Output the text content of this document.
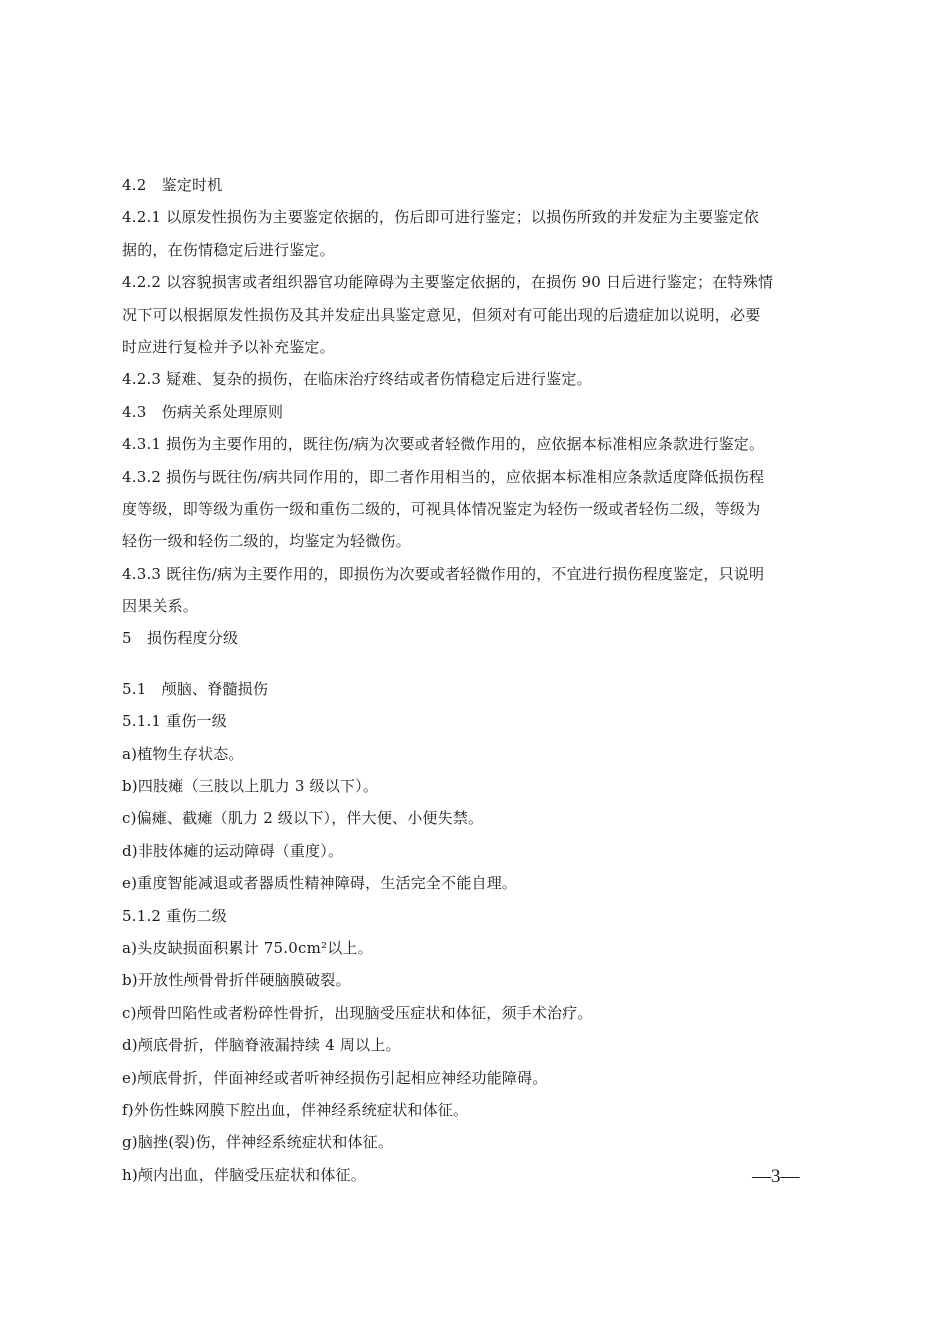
4.2　鉴定时机
4.2.1 以原发性损伤为主要鉴定依据的，伤后即可进行鉴定；以损伤所致的并发症为主要鉴定依
据的，在伤情稳定后进行鉴定。
4.2.2 以容貌损害或者组织器官功能障碍为主要鉴定依据的，在损伤 90 日后进行鉴定；在特殊情
况下可以根据原发性损伤及其并发症出具鉴定意见，但须对有可能出现的后遗症加以说明，必要
时应进行复检并予以补充鉴定。
4.2.3 疑难、复杂的损伤，在临床治疗终结或者伤情稳定后进行鉴定。
4.3　伤病关系处理原则
4.3.1 损伤为主要作用的，既往伤/病为次要或者轻微作用的，应依据本标准相应条款进行鉴定。
4.3.2 损伤与既往伤/病共同作用的，即二者作用相当的，应依据本标准相应条款适度降低损伤程
度等级，即等级为重伤一级和重伤二级的，可视具体情况鉴定为轻伤一级或者轻伤二级，等级为
轻伤一级和轻伤二级的，均鉴定为轻微伤。
4.3.3 既往伤/病为主要作用的，即损伤为次要或者轻微作用的，不宜进行损伤程度鉴定，只说明
因果关系。
5　损伤程度分级
5.1　颅脑、脊髓损伤
5.1.1 重伤一级
a)植物生存状态。
b)四肢瘫（三肢以上肌力 3 级以下）。
c)偏瘫、截瘫（肌力 2 级以下），伴大便、小便失禁。
d)非肢体瘫的运动障碍（重度）。
e)重度智能减退或者器质性精神障碍，生活完全不能自理。
5.1.2 重伤二级
a)头皮缺损面积累计 75.0cm²以上。
b)开放性颅骨骨折伴硬脑膜破裂。
c)颅骨凹陷性或者粉碎性骨折，出现脑受压症状和体征，须手术治疗。
d)颅底骨折，伴脑脊液漏持续 4 周以上。
e)颅底骨折，伴面神经或者听神经损伤引起相应神经功能障碍。
f)外伤性蛛网膜下腔出血，伴神经系统症状和体征。
g)脑挫(裂)伤，伴神经系统症状和体征。
h)颅内出血，伴脑受压症状和体征。	—3—
